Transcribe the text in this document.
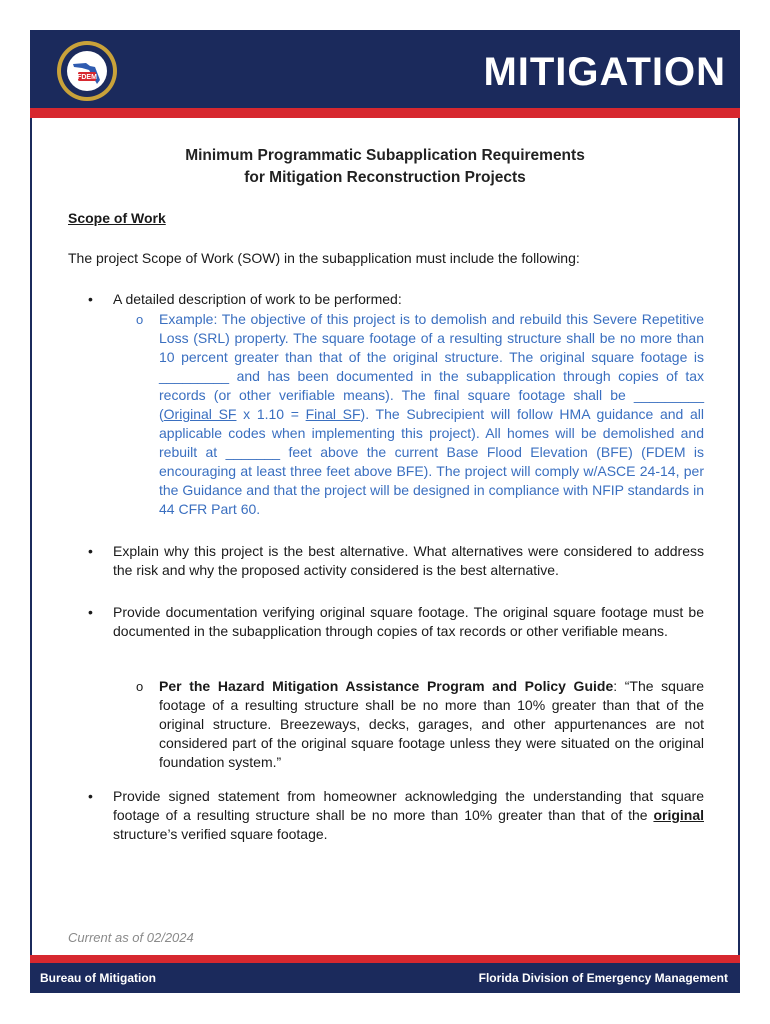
FDEM	MITIGATION
Minimum Programmatic Subapplication Requirements
for Mitigation Reconstruction Projects
Scope of Work
The project Scope of Work (SOW) in the subapplication must include the following:
• A detailed description of work to be performed:
o Example: The objective of this project is to demolish and rebuild this Severe Repetitive Loss (SRL) property. The square footage of a resulting structure shall be no more than 10 percent greater than that of the original structure. The original square footage is _________ and has been documented in the subapplication through copies of tax records (or other verifiable means). The final square footage shall be _________ (Original SF x 1.10 = Final SF). The Subrecipient will follow HMA guidance and all applicable codes when implementing this project). All homes will be demolished and rebuilt at _______ feet above the current Base Flood Elevation (BFE) (FDEM is encouraging at least three feet above BFE). The project will comply w/ASCE 24-14, per the Guidance and that the project will be designed in compliance with NFIP standards in 44 CFR Part 60.
• Explain why this project is the best alternative. What alternatives were considered to address the risk and why the proposed activity considered is the best alternative.
• Provide documentation verifying original square footage. The original square footage must be documented in the subapplication through copies of tax records or other verifiable means.
o Per the Hazard Mitigation Assistance Program and Policy Guide: “The square footage of a resulting structure shall be no more than 10% greater than that of the original structure. Breezeways, decks, garages, and other appurtenances are not considered part of the original square footage unless they were situated on the original foundation system.”
• Provide signed statement from homeowner acknowledging the understanding that square footage of a resulting structure shall be no more than 10% greater than that of the original structure’s verified square footage.
Current as of 02/2024
Bureau of Mitigation	Florida Division of Emergency Management
